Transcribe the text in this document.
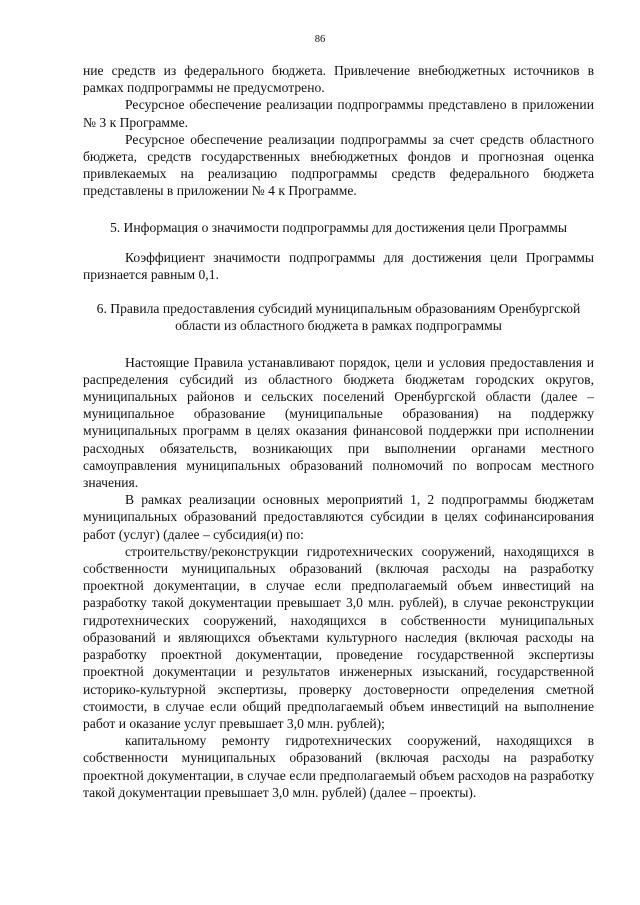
86

ние средств из федерального бюджета. Привлечение внебюджетных источников в рамках подпрограммы не предусмотрено.

Ресурсное обеспечение реализации подпрограммы представлено в приложении № 3 к Программе.

Ресурсное обеспечение реализации подпрограммы за счет средств областного бюджета, средств государственных внебюджетных фондов и прогнозная оценка привлекаемых на реализацию подпрограммы средств федерального бюджета представлены в приложении № 4 к Программе.

5. Информация о значимости подпрограммы для достижения цели Программы

Коэффициент значимости подпрограммы для достижения цели Программы признается равным 0,1.

6. Правила предоставления субсидий муниципальным образованиям Оренбургской области из областного бюджета в рамках подпрограммы

Настоящие Правила устанавливают порядок, цели и условия предоставления и распределения субсидий из областного бюджета бюджетам городских округов, муниципальных районов и сельских поселений Оренбургской области (далее – муниципальное образование (муниципальные образования) на поддержку муниципальных программ в целях оказания финансовой поддержки при исполнении расходных обязательств, возникающих при выполнении органами местного самоуправления муниципальных образований полномочий по вопросам местного значения.

В рамках реализации основных мероприятий 1, 2 подпрограммы бюджетам муниципальных образований предоставляются субсидии в целях софинансирования работ (услуг) (далее – субсидия(и) по:

строительству/реконструкции гидротехнических сооружений, находящихся в собственности муниципальных образований (включая расходы на разработку проектной документации, в случае если предполагаемый объем инвестиций на разработку такой документации превышает 3,0 млн. рублей), в случае реконструкции гидротехнических сооружений, находящихся в собственности муниципальных образований и являющихся объектами культурного наследия (включая расходы на разработку проектной документации, проведение государственной экспертизы проектной документации и результатов инженерных изысканий, государственной историко-культурной экспертизы, проверку достоверности определения сметной стоимости, в случае если общий предполагаемый объем инвестиций на выполнение работ и оказание услуг превышает 3,0 млн. рублей);

капитальному ремонту гидротехнических сооружений, находящихся в собственности муниципальных образований (включая расходы на разработку проектной документации, в случае если предполагаемый объем расходов на разработку такой документации превышает 3,0 млн. рублей) (далее – проекты).
